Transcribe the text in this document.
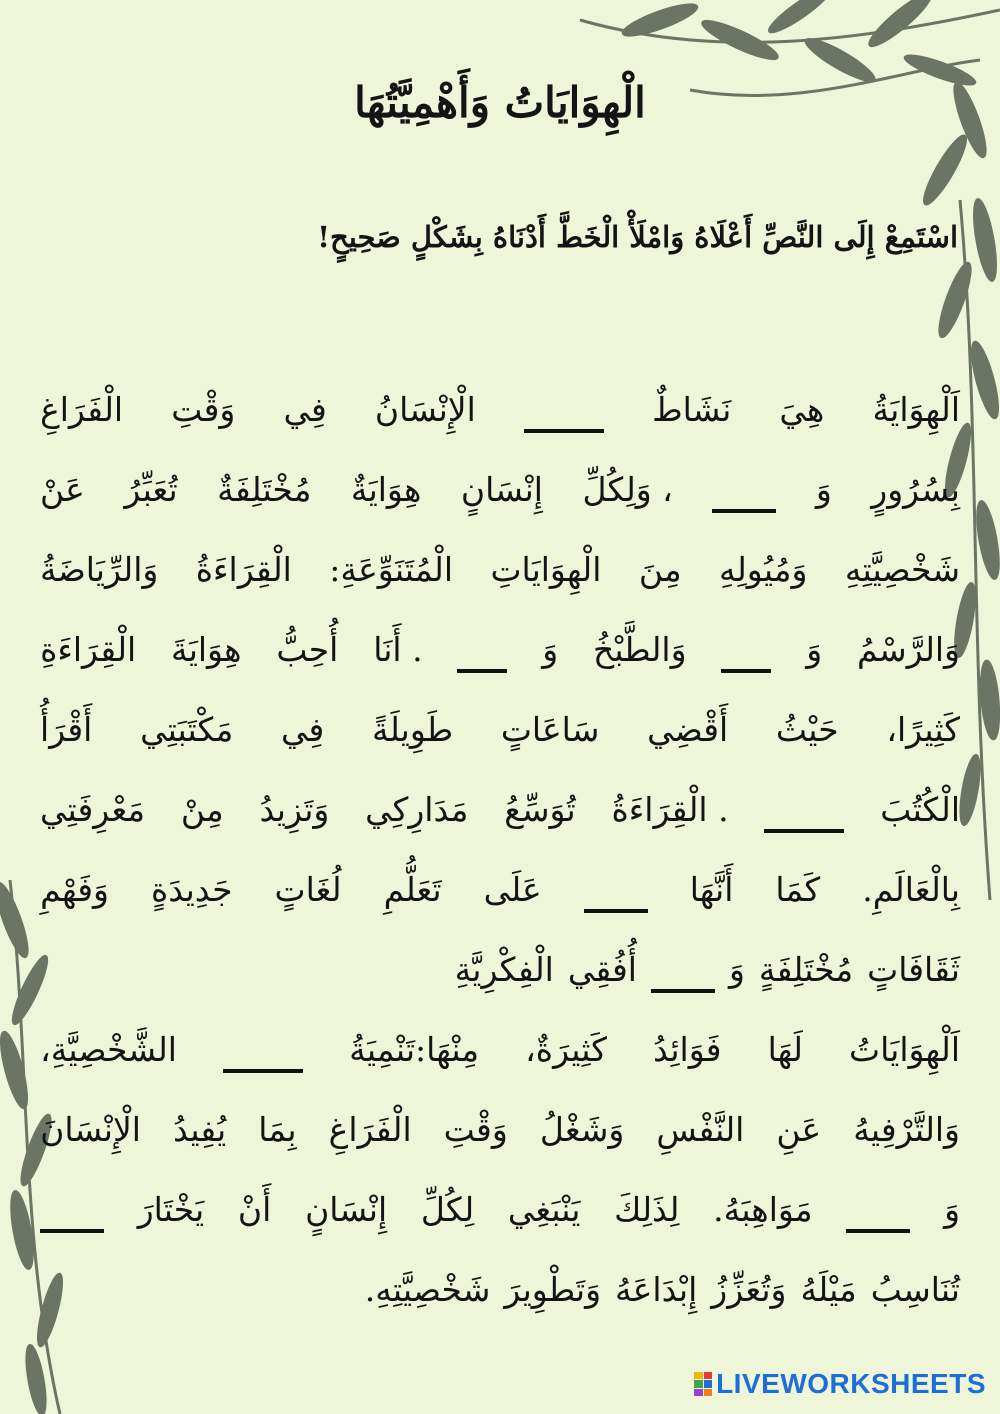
الْهِوَايَاتُ وَأَهْمِيَّتُهَا
اسْتَمِعْ إِلَى النَّصِّ أَعْلَاهُ وَامْلَأْ الْخَطَّ أَدْنَاهُ بِشَكْلٍ صَحِيحٍ!
اَلْهِوَايَةُ
هِيَ
نَشَاطٌ
الْإِنْسَانُ
فِي
وَقْتِ
الْفَرَاغِ
بِسُرُورٍ
وَ
، وَلِكُلِّ
إِنْسَانٍ
هِوَايَةٌ
مُخْتَلِفَةٌ
تُعَبِّرُ
عَنْ
شَخْصِيَّتِهِ
وَمُيُولِهِ
مِنَ
الْهِوَايَاتِ
الْمُتَنَوِّعَةِ:
الْقِرَاءَةُ
وَالرِّيَاضَةُ
وَالرَّسْمُ
وَ
وَالطَّبْخُ
وَ
. أَنَا
أُحِبُّ
هِوَايَةَ
الْقِرَاءَةِ
كَثِيرًا،
حَيْثُ
أَقْضِي
سَاعَاتٍ
طَوِيلَةً
فِي
مَكْتَبَتِي
أَقْرَأُ
الْكُتُبَ
. الْقِرَاءَةُ
تُوَسِّعُ
مَدَارِكِي
وَتَزِيدُ
مِنْ
مَعْرِفَتِي
بِالْعَالَمِ.
كَمَا
أَنَّهَا
عَلَى
تَعَلُّمِ
لُغَاتٍ
جَدِيدَةٍ
وَفَهْمِ
ثَقَافَاتٍ
مُخْتَلِفَةٍ
وَ
أُفُقِي
الْفِكْرِيَّةِ
اَلْهِوَايَاتُ
لَهَا
فَوَائِدُ
كَثِيرَةٌ،
مِنْهَا:تَنْمِيَةُ
الشَّخْصِيَّةِ،
وَالتَّرْفِيهُ
عَنِ
النَّفْسِ
وَشَغْلُ
وَقْتِ
الْفَرَاغِ
بِمَا
يُفِيدُ
الْإِنْسَانَ
وَ
مَوَاهِبَهُ.
لِذَلِكَ
يَنْبَغِي
لِكُلِّ
إِنْسَانٍ
أَنْ
يَخْتَارَ
تُنَاسِبُ
مَيْلَهُ
وَتُعَزِّزُ
إِبْدَاعَهُ
وَتَطْوِيرَ
شَخْصِيَّتِهِ.
LIVEWORKSHEETS
